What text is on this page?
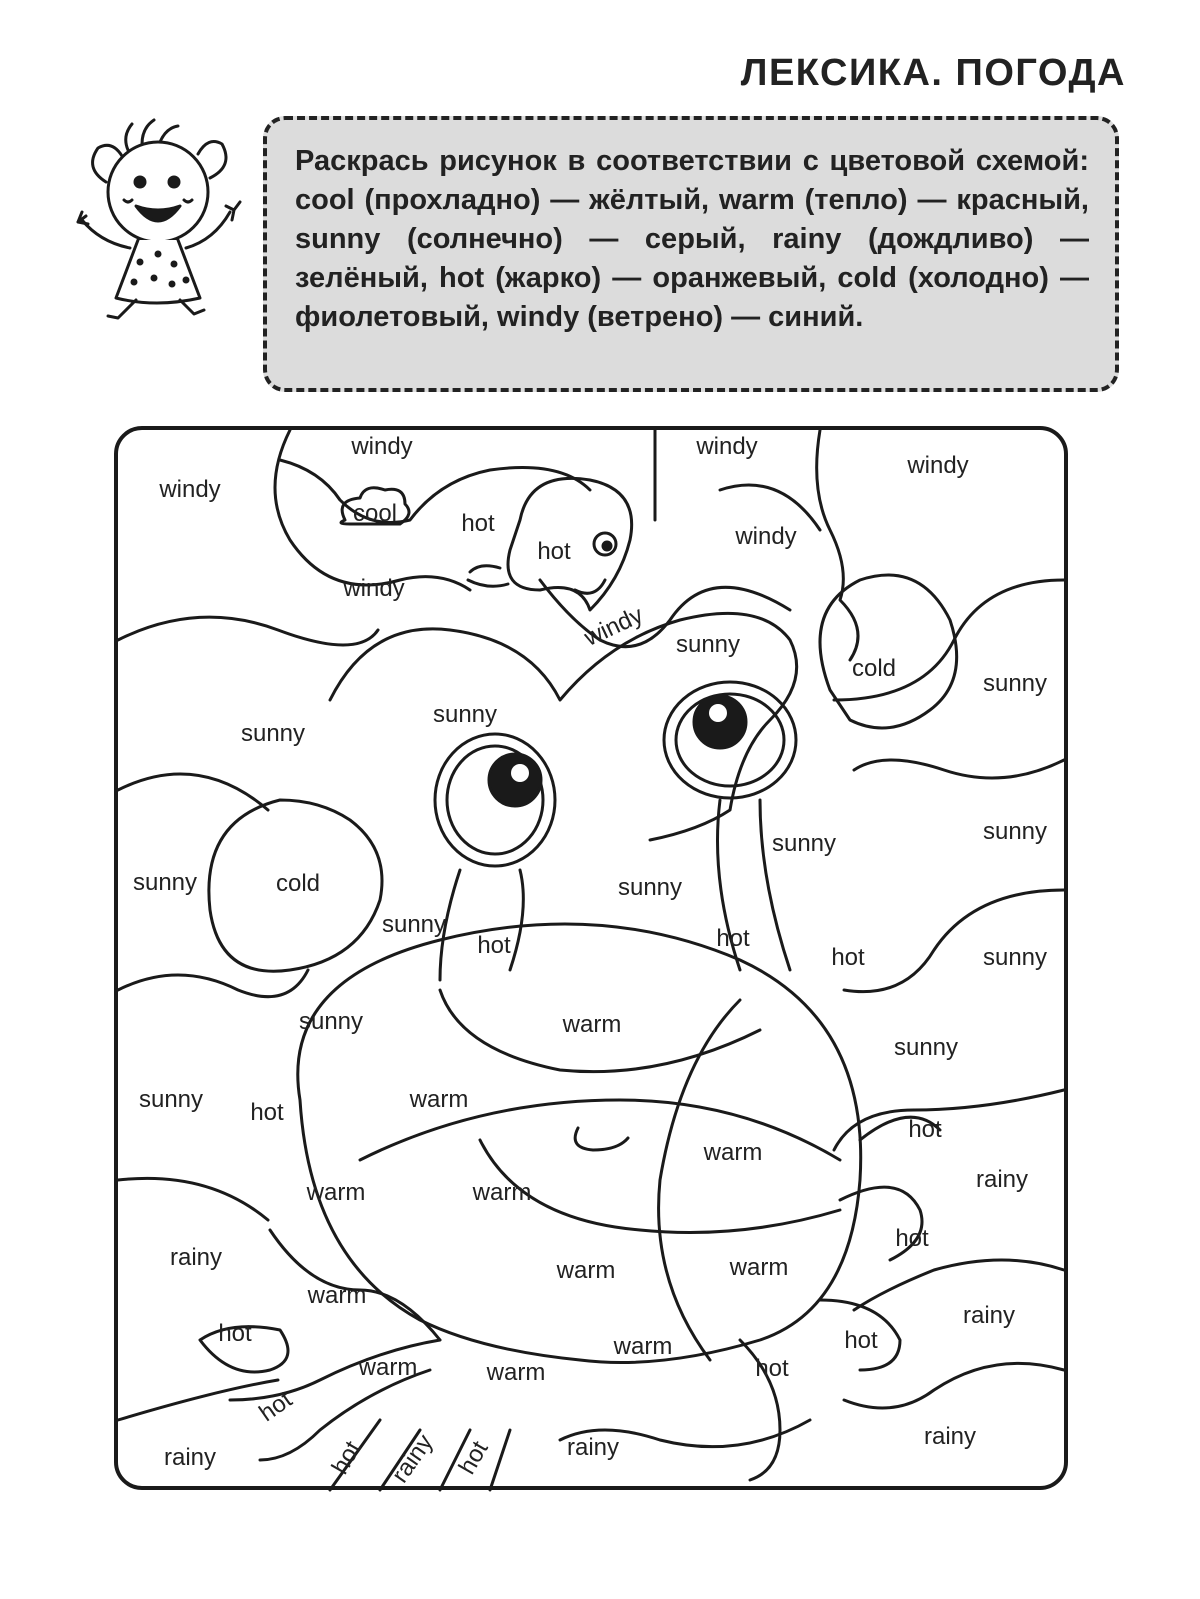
ЛЕКСИКА. ПОГОДА

Раскрась рисунок в соответствии с цветовой схемой: cool (прохладно) — жёлтый, warm (тепло) — красный, sunny (солнечно) — серый, rainy (дождливо) — зелёный, hot (жарко) — оранжевый, cold (холодно) — фиолетовый, windy (ветрено) — синий.

windy
windy
cool	hot
hot
windy
windy
windy
windy
windy sunny
cold
sunny
sunny
sunny
sunny
sunny
sunny	cold	sunny
sunny
hot	hot
hot	sunny
sunny	warm
sunny
sunny hot	warm
hot
warm
rainy
warm	warm
hot
rainy	warm	warm
warm
rainy
hot	warm	hot
warm	warm	hot
hot
rainy	rainy
rainy	hot rainy hot
